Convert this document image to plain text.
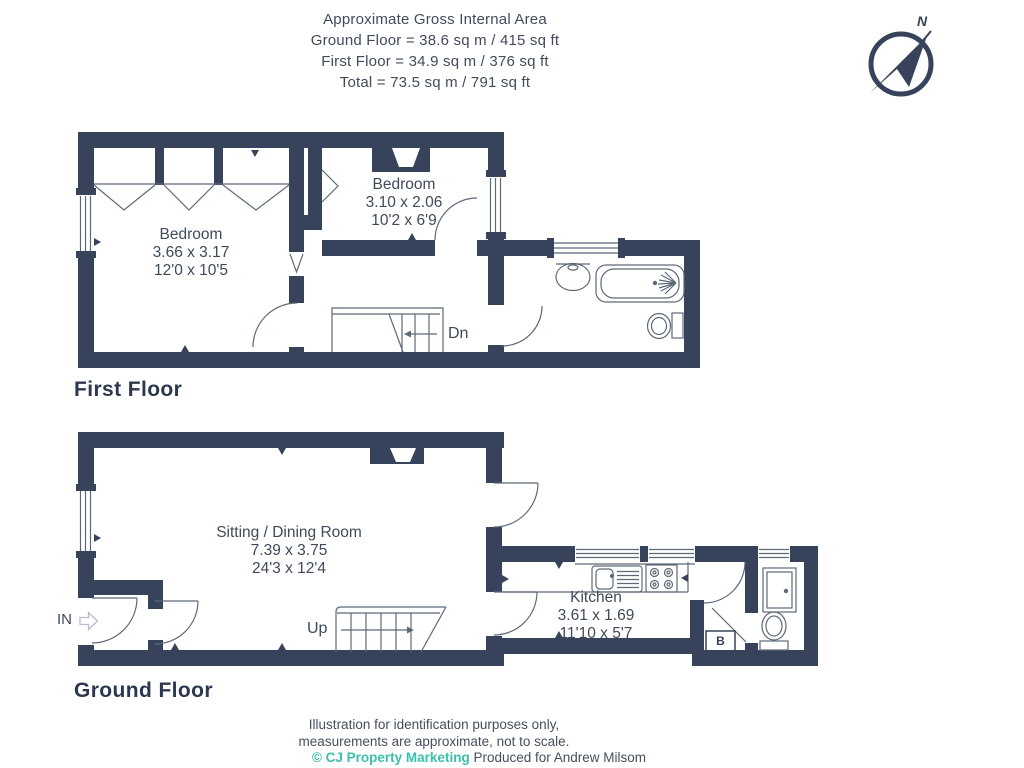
Approximate Gross Internal Area
Ground Floor = 38.6 sq m / 415 sq ft
First Floor = 34.9 sq m / 376 sq ft
Total = 73.5 sq m / 791 sq ft
N
Bedroom
3.66 x 3.17
12'0 x 10'5
Bedroom
3.10 x 2.06
10'2 x 6'9
Dn
First Floor
Sitting / Dining Room
7.39 x 3.75
24'3 x 12'4
Kitchen
3.61 x 1.69
11'10 x 5'7
Up
IN
B
Ground Floor
Illustration for identification purposes only,
measurements are approximate, not to scale.
© CJ Property Marketing Produced for Andrew Milsom
